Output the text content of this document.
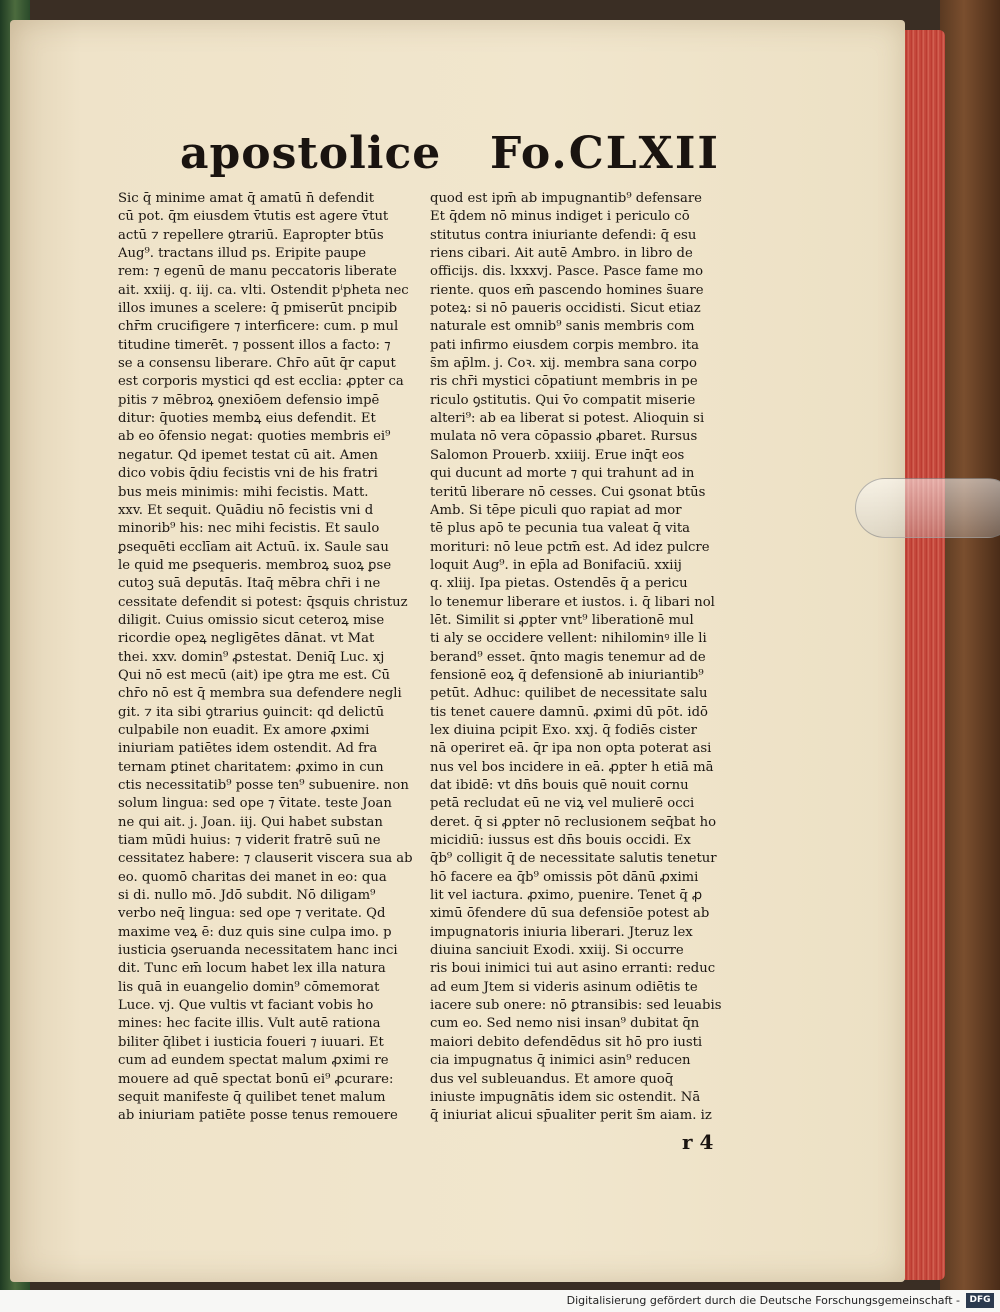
apostolice Fo.CLXII
Sic q̄ minime amat q̄ amatū n̄ defendit
cū pot. q̄m eiusdem v̄tutis est agere v̄tut
actū ⁊ repellere ꝯtrariū. Eapropter btūs
Aug⁹. tractans illud ps. Eripite paupe
rem: ⁊ egenū de manu peccatoris liberate
ait. xxiij. q. iij. ca. vlti. Ostendit pⁱpheta nec
illos imunes a scelere: q̄ pmiserūt pncipib
chr̄m crucifigere ⁊ interficere: cum. p mul
titudine timerēt. ⁊ possent illos a facto: ⁊
se a consensu liberare. Chr̄o aūt q̄r caput
est corporis mystici qd̄ est ecclia: ꝓpter ca
pitis ⁊ mēbroꝝ ꝯnexiōem defensio impē
ditur: q̄uoties membꝝ eius defendit. Et
ab eo ōfensio negat: quoties membris ei⁹
negatur. Qd̄ ipemet testat cū ait. Amen
dico vobis q̄diu fecistis vni de his fratri
bus meis minimis: mihi fecistis. Matt.
xxv. Et sequit. Quādiu nō fecistis vni d
minorib⁹ his: nec mihi fecistis. Et saulo
ꝑsequēti ecclīam ait Actuū. ix. Saule sau
le quid me ꝑsequeris. membroꝝ suoꝝ ꝑse
cutoꝫ suā deputās. Itaq̄ mēbra chr̄i i ne
cessitate defendit si potest: q̄squis christuz
diligit. Cuius omissio sicut ceteroꝝ mise
ricordie opeꝝ negligētes dānat. vt Mat
thei. xxv. domin⁹ ꝓstestat. Deniq̄ Luc. xj
Qui nō est mecū (ait) ipe ꝯtra me est. Cū
chr̄o nō est q̄ membra sua defendere negli
git. ⁊ ita sibi ꝯtrarius ꝯuincit: qd̄ delictū
culpabile non euadit. Ex amore ꝓximi
iniuriam patiētes idem ostendit. Ad fra
ternam ꝑtinet charitatem: ꝓximo in cun
ctis necessitatib⁹ posse ten⁹ subuenire. non
solum lingua: sed ope ⁊ v̄itate. teste Joan
ne qui ait. j. Joan. iij. Qui habet substan
tiam mūdi huius: ⁊ viderit fratrē suū ne
cessitatez habere: ⁊ clauserit viscera sua ab
eo. quomō charitas dei manet in eo: qua
si di. nullo mō. Jdō subdit. Nō diligam⁹
verbo neq̄ lingua: sed ope ⁊ veritate. Qd̄
maxime veꝝ ē: duz quis sine culpa imo. p
iusticia ꝯseruanda necessitatem hanc inci
dit. Tunc em̄ locum habet lex illa natura
lis quā in euangelio domin⁹ cōmemorat
Luce. vj. Que vultis vt faciant vobis ho
mines: hec facite illis. Vult autē rationa
biliter q̄libet i iusticia foueri ⁊ iuuari. Et
cum ad eundem spectat malum ꝓximi re
mouere ad quē spectat bonū ei⁹ ꝓcurare:
sequit manifeste q̄ quilibet tenet malum
ab iniuriam patiēte posse tenus remouere
quod est ipm̄ ab impugnantib⁹ defensare
Et q̄dem nō minus indiget i periculo cō
stitutus contra iniuriante defendi: q̄ esu
riens cibari. Ait autē Ambro. in libro de
officijs. dis. lxxxvj. Pasce. Pasce fame mo
riente. quos em̄ pascendo homines s̄uare
poteꝝ: si nō paueris occidisti. Sicut etiaz
naturale est omnib⁹ sanis membris com
pati infirmo eiusdem corpis membro. ita
s̄m ap̄lm. j. Coꝛ. xij. membra sana corpo
ris chr̄i mystici cōpatiunt membris in pe
riculo ꝯstitutis. Qui v̄o compatit miserie
alteri⁹: ab ea liberat si potest. Alioquin si
mulata nō vera cōpassio ꝓbaret. Rursus
Salomon Prouerb. xxiiij. Erue inq̄t eos
qui ducunt ad morte ⁊ qui trahunt ad in
teritū liberare nō cesses. Cui ꝯsonat btūs
Amb. Si tēpe piculi quo rapiat ad mor
tē plus apō te pecunia tua valeat q̄ vita
morituri: nō leue pctm̄ est. Ad idez pulcre
loquit Aug⁹. in ep̄la ad Bonifaciū. xxiij
q. xliij. Ipa pietas. Ostendēs q̄ a pericu
lo tenemur liberare et iustos. i. q̄ libari nol
lēt. Similit si ꝓpter vnt⁹ liberationē mul
ti aly se occidere vellent: nihilominꝰ ille li
berand⁹ esset. q̄nto magis tenemur ad de
fensionē eoꝝ q̄ defensionē ab iniuriantib⁹
petūt. Adhuc: quilibet de necessitate salu
tis tenet cauere damnū. ꝓximi dū pōt. idō
lex diuina pcipit Exo. xxj. q̄ fodiēs cister
nā operiret eā. q̄r ipa non opta poterat asi
nus vel bos incidere in eā. ꝓpter h̄ etiā mā
dat ibidē: vt dn̄s bouis quē nouit cornu
petā recludat eū ne viꝝ vel mulierē occi
deret. q̄ si ꝓpter nō reclusionem seq̄bat ho
micidiū: iussus est dn̄s bouis occidi. Ex
q̄b⁹ colligit q̄ de necessitate salutis tenetur
hō facere ea q̄b⁹ omissis pōt dānū ꝓximi
lit vel iactura. ꝓximo, puenire. Tenet q̄ ꝓ
ximū ōfendere dū sua defensiōe potest ab
impugnatoris iniuria liberari. Jteruz lex
diuina sanciuit Exodi. xxiij. Si occurre
ris boui inimici tui aut asino erranti: reduc
ad eum Jtem si videris asinum odiētis te
iacere sub onere: nō ꝑtransibis: sed leuabis
cum eo. Sed nemo nisi insan⁹ dubitat q̄n
maiori debito defendēdus sit hō pro iusti
cia impugnatus q̄ inimici asin⁹ reducen
dus vel subleuandus. Et amore quoq̄
iniuste impugnātis idem sic ostendit. Nā
q̄ iniuriat alicui sp̄ualiter perit s̄m aiam. iz
r 4
Digitalisierung gefördert durch die Deutsche Forschungsgemeinschaft -	DFG
